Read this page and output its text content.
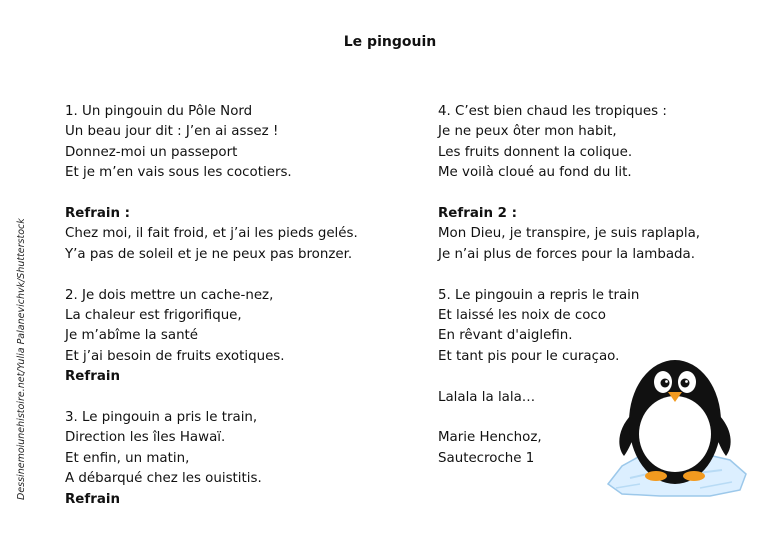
Le pingouin
1. Un pingouin du Pôle Nord
Un beau jour dit : J’en ai assez !
Donnez-moi un passeport
Et je m’en vais sous les cocotiers.
Refrain :
Chez moi, il fait froid, et j’ai les pieds gelés.
Y’a pas de soleil et je ne peux pas bronzer.
2. Je dois mettre un cache-nez,
La chaleur est frigorifique,
Je m’abîme la santé
Et j’ai besoin de fruits exotiques.
Refrain
3. Le pingouin a pris le train,
Direction les îles Hawaï.
Et enfin, un matin,
A débarqué chez les ouistitis.
Refrain
4. C’est bien chaud les tropiques :
Je ne peux ôter mon habit,
Les fruits donnent la colique.
Me voilà cloué au fond du lit.
Refrain 2 :
Mon Dieu, je transpire, je suis raplapla,
Je n’ai plus de forces pour la lambada.
5. Le pingouin a repris le train
Et laissé les noix de coco
En rêvant d'aiglefin.
Et tant pis pour le curaçao.
Lalala la lala…
Marie Henchoz,
Sautecroche 1
Dessinemoiunehistoire.net/Yulia Palanevichvk/Shutterstock
